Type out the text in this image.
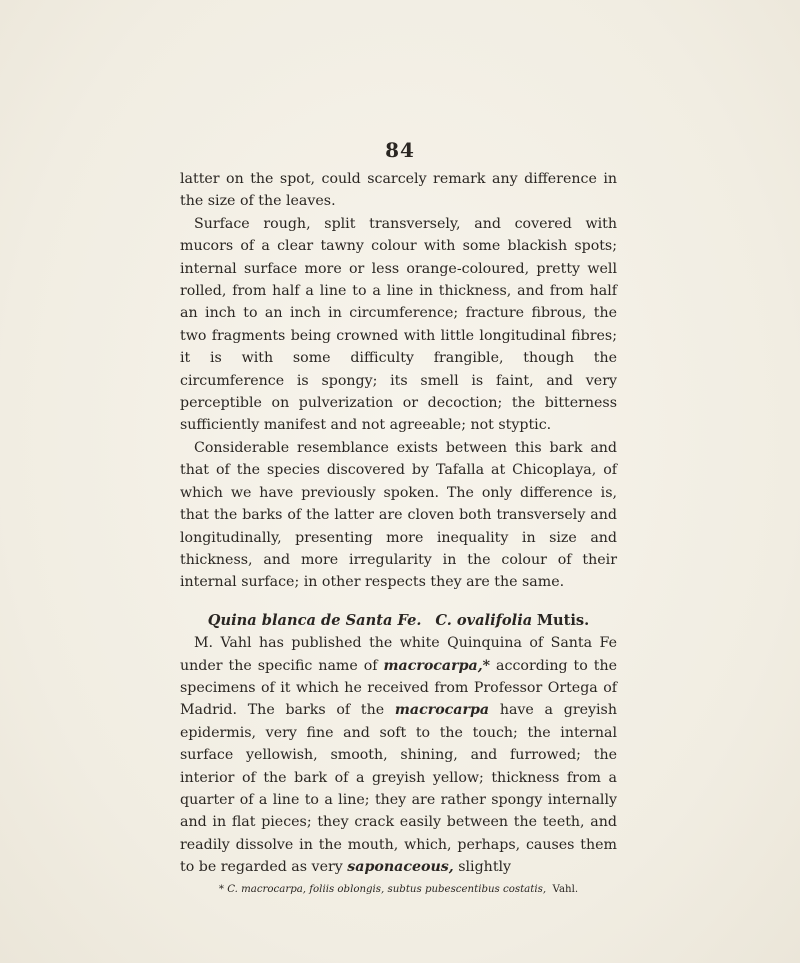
84

latter on the spot, could scarcely remark any difference in the size of the leaves.

Surface rough, split transversely, and covered with mucors of a clear tawny colour with some blackish spots; internal surface more or less orange-coloured, pretty well rolled, from half a line to a line in thickness, and from half an inch to an inch in circumference; fracture fibrous, the two fragments being crowned with little longitudinal fibres; it is with some difficulty frangible, though the circumference is spongy; its smell is faint, and very perceptible on pulverization or decoction; the bitterness sufficiently manifest and not agreeable; not styptic.

Considerable resemblance exists between this bark and that of the species discovered by Tafalla at Chicoplaya, of which we have previously spoken. The only difference is, that the barks of the latter are cloven both transversely and longitudinally, presenting more inequality in size and thickness, and more irregularity in the colour of their internal surface; in other respects they are the same.

Quina blanca de Santa Fe. C. ovalifolia Mutis.

M. Vahl has published the white Quinquina of Santa Fe under the specific name of macrocarpa,* according to the specimens of it which he received from Professor Ortega of Madrid. The barks of the macrocarpa have a greyish epidermis, very fine and soft to the touch; the internal surface yellowish, smooth, shining, and furrowed; the interior of the bark of a greyish yellow; thickness from a quarter of a line to a line; they are rather spongy internally and in flat pieces; they crack easily between the teeth, and readily dissolve in the mouth, which, perhaps, causes them to be regarded as very saponaceous, slightly

* C. macrocarpa, foliis oblongis, subtus pubescentibus costatis, Vahl.
